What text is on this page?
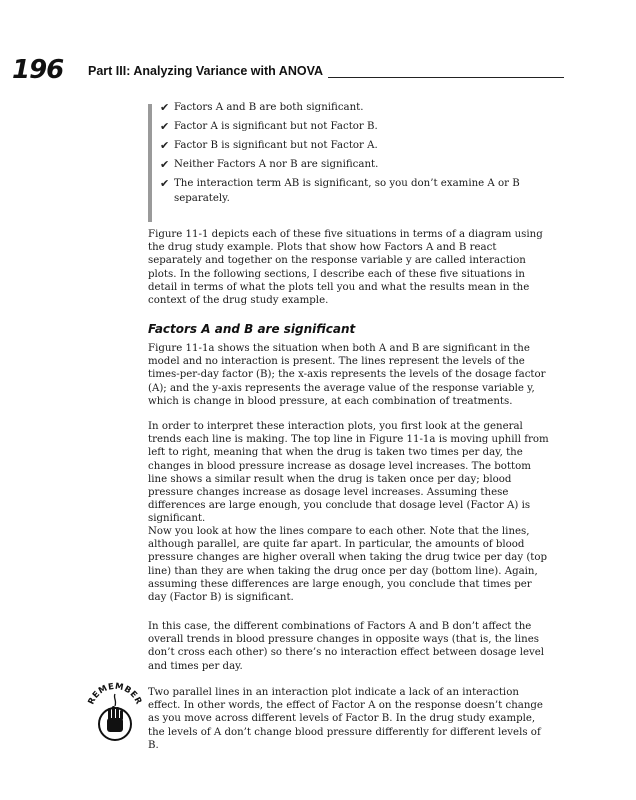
196 Part III: Analyzing Variance with ANOVA
✔ Factors A and B are both significant.
✔ Factor A is significant but not Factor B.
✔ Factor B is significant but not Factor A.
✔ Neither Factors A nor B are significant.
✔ The interaction term AB is significant, so you don’t examine A or B separately.

Figure 11-1 depicts each of these five situations in terms of a diagram using the drug study example. Plots that show how Factors A and B react separately and together on the response variable y are called interaction plots. In the following sections, I describe each of these five situations in detail in terms of what the plots tell you and what the results mean in the context of the drug study example.

Factors A and B are significant

Figure 11-1a shows the situation when both A and B are significant in the model and no interaction is present. The lines represent the levels of the times-per-day factor (B); the x-axis represents the levels of the dosage factor (A); and the y-axis represents the average value of the response variable y, which is change in blood pressure, at each combination of treatments.

In order to interpret these interaction plots, you first look at the general trends each line is making. The top line in Figure 11-1a is moving uphill from left to right, meaning that when the drug is taken two times per day, the changes in blood pressure increase as dosage level increases. The bottom line shows a similar result when the drug is taken once per day; blood pressure changes increase as dosage level increases. Assuming these differences are large enough, you conclude that dosage level (Factor A) is significant.

Now you look at how the lines compare to each other. Note that the lines, although parallel, are quite far apart. In particular, the amounts of blood pressure changes are higher overall when taking the drug twice per day (top line) than they are when taking the drug once per day (bottom line). Again, assuming these differences are large enough, you conclude that times per day (Factor B) is significant.

In this case, the different combinations of Factors A and B don’t affect the overall trends in blood pressure changes in opposite ways (that is, the lines don’t cross each other) so there’s no interaction effect between dosage level and times per day.

REMEMBER

Two parallel lines in an interaction plot indicate a lack of an interaction effect. In other words, the effect of Factor A on the response doesn’t change as you move across different levels of Factor B. In the drug study example, the levels of A don’t change blood pressure differently for different levels of B.
